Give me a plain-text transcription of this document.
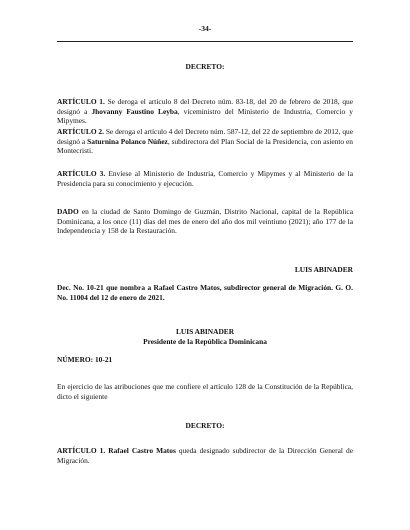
-34-

DECRETO:

ARTÍCULO 1. Se deroga el artículo 8 del Decreto núm. 83-18, del 20 de febrero de 2018, que designó a Jhovanny Faustino Leyba, viceministro del Ministerio de Industria, Comercio y Mipymes.

ARTÍCULO 2. Se deroga el artículo 4 del Decreto núm. 587-12, del 22 de septiembre de 2012, que designó a Saturnina Polanco Núñez, subdirectora del Plan Social de la Presidencia, con asiento en Montecristi.

ARTÍCULO 3. Envíese al Ministerio de Industria, Comercio y Mipymes y al Ministerio de la Presidencia para su conocimiento y ejecución.

DADO en la ciudad de Santo Domingo de Guzmán, Distrito Nacional, capital de la República Dominicana, a los once (11) días del mes de enero del año dos mil veintiuno (2021); año 177 de la Independencia y 158 de la Restauración.

LUIS ABINADER

Dec. No. 10-21 que nombra a Rafael Castro Matos, subdirector general de Migración. G. O. No. 11004 del 12 de enero de 2021.

LUIS ABINADER

Presidente de la República Dominicana

NÚMERO: 10-21

En ejercicio de las atribuciones que me confiere el artículo 128 de la Constitución de la República, dicto el siguiente

DECRETO:

ARTÍCULO 1. Rafael Castro Matos queda designado subdirector de la Dirección General de Migración.
